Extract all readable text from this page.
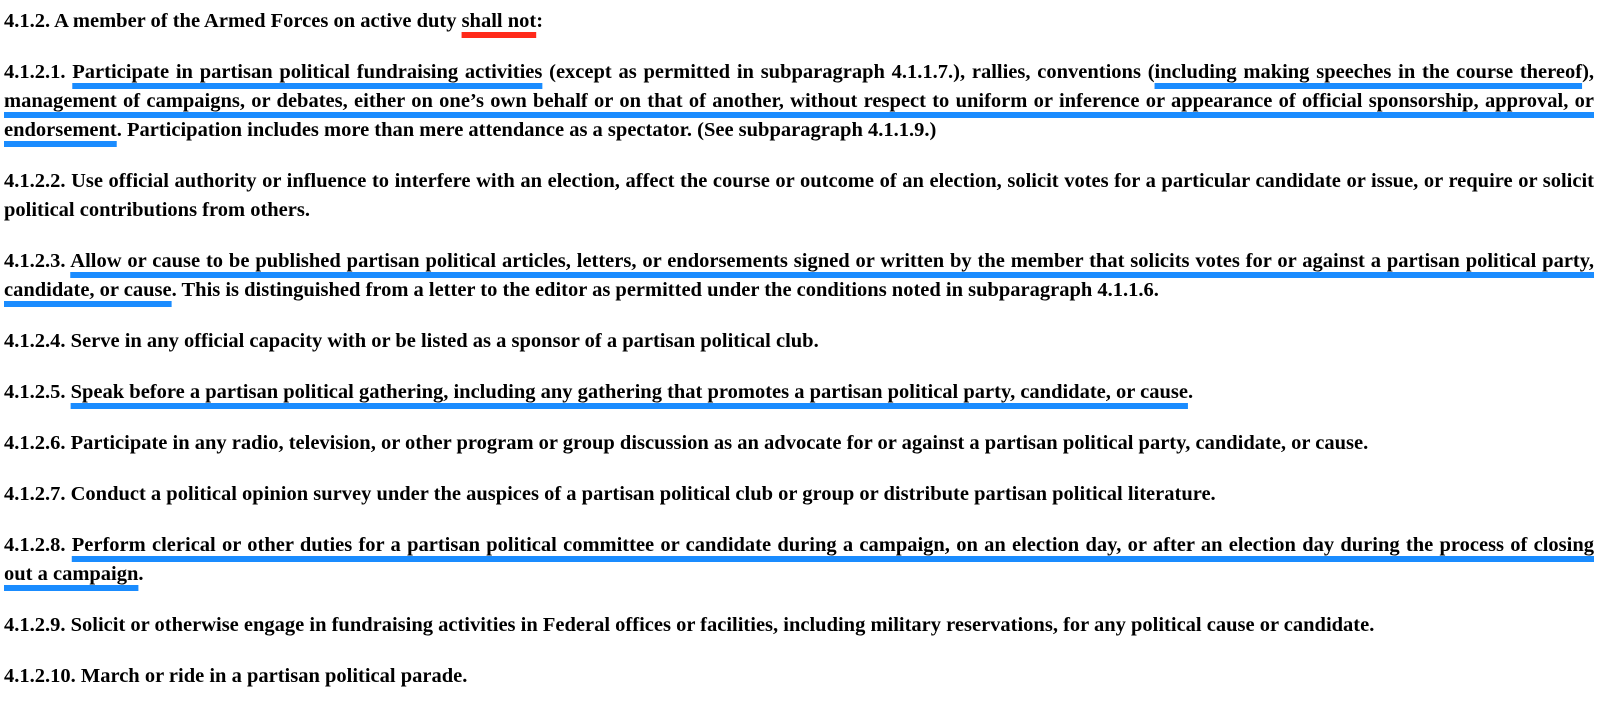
4.1.2. A member of the Armed Forces on active duty shall not:

4.1.2.1. Participate in partisan political fundraising activities (except as permitted in subparagraph 4.1.1.7.), rallies, conventions (including making speeches in the course thereof), management of campaigns, or debates, either on one’s own behalf or on that of another, without respect to uniform or inference or appearance of official sponsorship, approval, or endorsement. Participation includes more than mere attendance as a spectator. (See subparagraph 4.1.1.9.)

4.1.2.2. Use official authority or influence to interfere with an election, affect the course or outcome of an election, solicit votes for a particular candidate or issue, or require or solicit political contributions from others.

4.1.2.3. Allow or cause to be published partisan political articles, letters, or endorsements signed or written by the member that solicits votes for or against a partisan political party, candidate, or cause. This is distinguished from a letter to the editor as permitted under the conditions noted in subparagraph 4.1.1.6.

4.1.2.4. Serve in any official capacity with or be listed as a sponsor of a partisan political club.

4.1.2.5. Speak before a partisan political gathering, including any gathering that promotes a partisan political party, candidate, or cause.

4.1.2.6. Participate in any radio, television, or other program or group discussion as an advocate for or against a partisan political party, candidate, or cause.

4.1.2.7. Conduct a political opinion survey under the auspices of a partisan political club or group or distribute partisan political literature.

4.1.2.8. Perform clerical or other duties for a partisan political committee or candidate during a campaign, on an election day, or after an election day during the process of closing out a campaign.

4.1.2.9. Solicit or otherwise engage in fundraising activities in Federal offices or facilities, including military reservations, for any political cause or candidate.

4.1.2.10. March or ride in a partisan political parade.
